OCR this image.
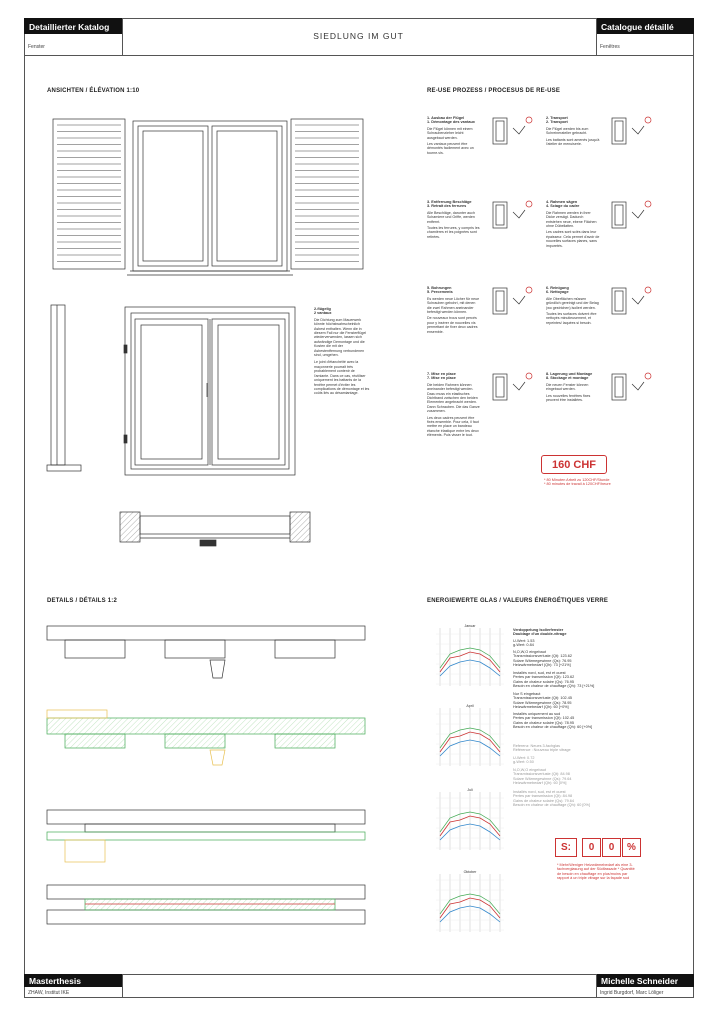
Detaillierter Katalog
Fenster
SIEDLUNG IM GUT
Catalogue détaillé
Fenêtres
ANSICHTEN / ÉLÉVATION 1:10	RE-USE PROZESS / PROCESUS DE RE-USE
DETAILS / DÉTAILS 1:2	ENERGIEWERTE GLAS / VALEURS ÉNERGÉTIQUES VERRE
2-flügelig
2 vantaux
Die Dichtung zum Mauerwerk könnte höchstwahrscheinlich Asbest enthalten. Wenn die in diesem Fall nur die Fensterflügel wiederverwenden, lassen sich aufwändige Demontage und die Kosten die mit der Asbestentfernung verbundenen sind, umgehen.
Le joint d'étanchéité avec la maçonnerie pourrait très probablement contenir de l'amiante. Dans ce cas, réutiliser uniquement les battants de la fenêtre permet d'éviter les complications de démontage et les coûts liés au désamiantage.
1. Ausbau der Flügel
1. Démontage des vantaux
Die Flügel können mit einem Schraubenzieher leicht ausgebaut werden.
Les vantaux peuvent être démontés facilement avec un tourne-vis.
2. Transport
2. Transport
Die Flügel werden bis zum Schreineratelier gebracht.
Les battants sont amenés jusqu'à l'atelier de menuiserie.
3. Entfernung Beschläge
3. Retrait des ferrures
Alle Beschläge, darunter auch Scharniere und Griffe, werden entfernt.
Toutes les ferrures, y compris les charnières et les poignées sont retirées.
4. Rahmen sägen
4. Sciage du cadre
Die Rahmen werden in ihrer Dicke zersägt. Dadurch entstehen neue, ebene Flächen ohne Dübellatten.
Les cadres sont sciés dans leur épaisseur. Cela permet d'avoir de nouvelles surfaces planes, sans impuretés.
5. Bohrungen
5. Percements
Es werden neue Löcher für neue Schrauben gebohrt, mit denen die zwei Rahmen aneinander befestigt werden können.
De nouveaux trous sont percés pour y insérer de nouvelles vis permettant de fixer deux cadres ensemble.
6. Reinigung
6. Nettoyage
Alle Oberflächen müssen gründlich gereinigt und der Belag (wo gestrichen) isoliert werden.
Toutes les surfaces doivent être nettoyés minutieusement, et repeintes/ laquées si besoin.
7. Mise en place
7. Mise en place
Die beiden Rahmen können aneinander befestigt werden. Dazu muss ein elastisches Dichtband zwischen den beiden Elementen angebracht werden. Dann Schrauben. Die das Ganze zusammen.
Les deux cadres peuvent être fixés ensemble. Pour cela, il faut mettre en place un bandeau étanche élastique entre les deux éléments. Puis visser le tout.
8. Lagerung und Montage
8. Stockage et montage
Die neuen Fenster können eingebaut werden.
Les nouvelles fenêtres fixes peuvent être installées.
160 CHF
* 80 Minuten Arbeit zu 120CHF/Stunde
* 80 minutes de travail à 120CHF/heure
Januar
April
Juli
Oktober
Verdoppelung Isolierfenster
Doublage d'un double-vitrage
U-Wert: 1.53
g-Wert: 0.84
N,O,W,O eingebaut
Transmissionsverluste (Qt): 123.62
Solare Wärmegewinne (Qs): 76.95
Heizwärmebedarf (Qh): 73 [+21%]
Installés nord, sud, est et ouest
Pertes par transmission (Qt): 123.62
Gains de chaleur solaire (Qs): 76.95
Besoin en chaleur de chauffage (Qh): 73 [+21%]
Nur S eingebaut
Transmissionsverluste (Qt): 102.45
Solare Wärmegewinne (Qs): 78.95
Heizwärmebedarf (Qh): 60 [+0%]
Installés uniquement au sud
Pertes par transmission (Qt): 102.45
Gains de chaleur solaire (Qs): 78.95
Besoin en chaleur de chauffage (Qh): 60 [+0%]
Referenz: Neues 3-fachglas
Référence : Nouveau triple vitrage
U-Wert: 0.72
g-Wert: 0.50
N,O,W,O eingebaut
Transmissionsverluste (Qt): 84.98
Solare Wärmegewinne (Qs): 79.64
Heizwärmebedarf (Qh): 60 [0%]
Installés nord, sud, est et ouest
Pertes par transmission (Qt): 84.98
Gains de chaleur solaire (Qs): 79.64
Besoin en chaleur de chauffage (Qh): 60 [0%]
S:	0	0	%
* Mehr/Weniger Heizwärmebedarf als eine 3-fachverglasung auf der Südfassade * Quantité de besoin en chauffage en plus/moins par rapport à un triple vitrage sur la façade sud
Masterthesis
ZHAW, Institut IKE
Michelle Schneider
Ingrid Burgdorf, Marc Löliger
